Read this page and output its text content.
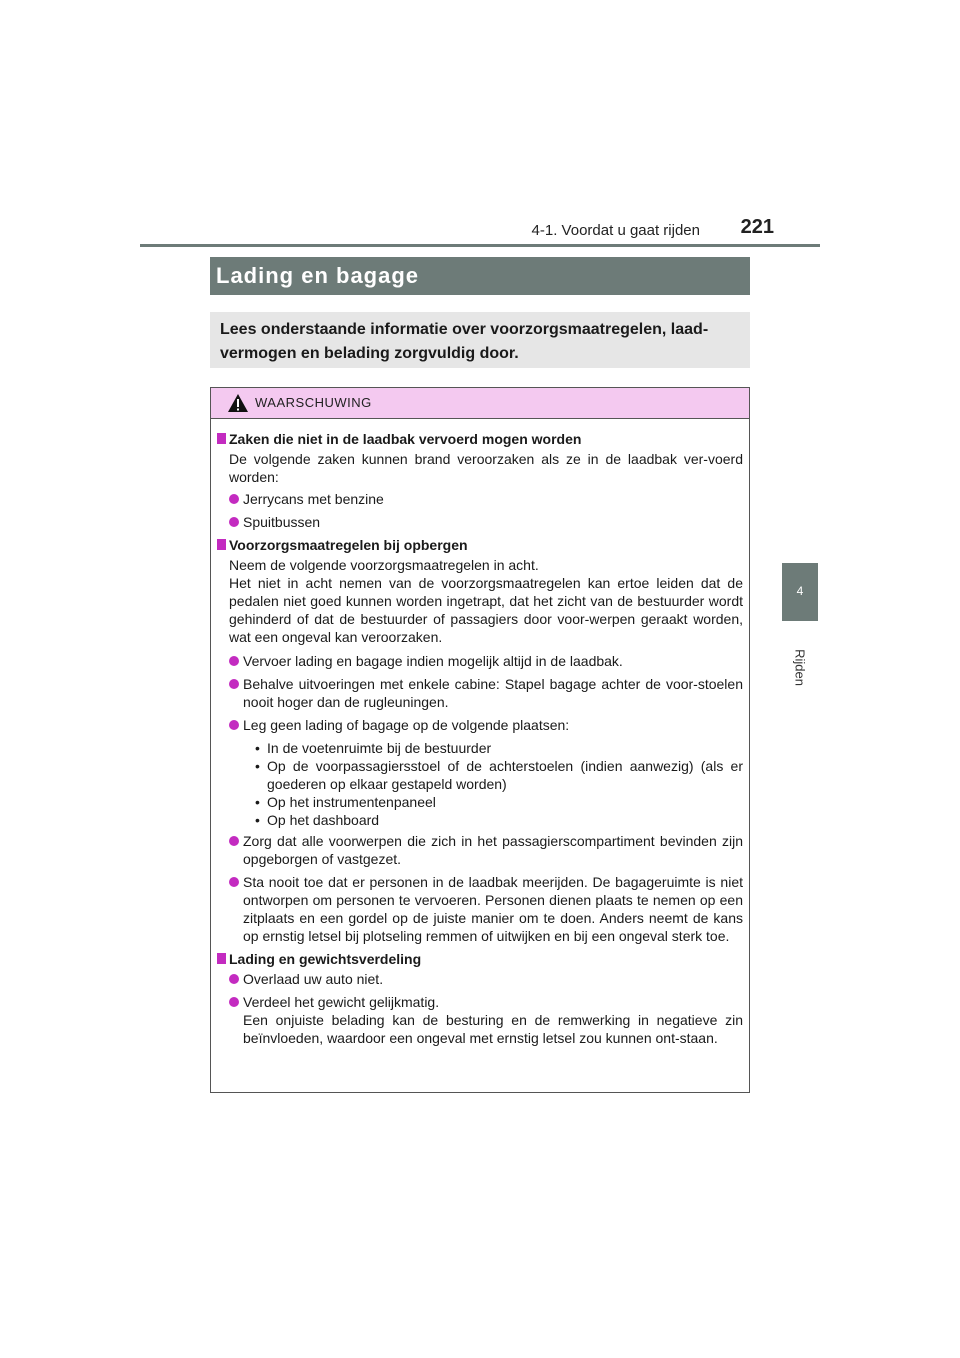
4-1. Voordat u gaat rijden 221
4
Rijden
Lading en bagage
Lees onderstaande informatie over voorzorgsmaatregelen, laad-vermogen en belading zorgvuldig door.
WAARSCHUWING
Zaken die niet in de laadbak vervoerd mogen worden
De volgende zaken kunnen brand veroorzaken als ze in de laadbak ver-voerd worden:
Jerrycans met benzine
Spuitbussen
Voorzorgsmaatregelen bij opbergen
Neem de volgende voorzorgsmaatregelen in acht.
Het niet in acht nemen van de voorzorgsmaatregelen kan ertoe leiden dat de pedalen niet goed kunnen worden ingetrapt, dat het zicht van de bestuurder wordt gehinderd of dat de bestuurder of passagiers door voor-werpen geraakt worden, wat een ongeval kan veroorzaken.
Vervoer lading en bagage indien mogelijk altijd in de laadbak.
Behalve uitvoeringen met enkele cabine: Stapel bagage achter de voor-stoelen nooit hoger dan de rugleuningen.
Leg geen lading of bagage op de volgende plaatsen:
• In de voetenruimte bij de bestuurder
• Op de voorpassagiersstoel of de achterstoelen (indien aanwezig) (als er goederen op elkaar gestapeld worden)
• Op het instrumentenpaneel
• Op het dashboard
Zorg dat alle voorwerpen die zich in het passagierscompartiment bevinden zijn opgeborgen of vastgezet.
Sta nooit toe dat er personen in de laadbak meerijden. De bagageruimte is niet ontworpen om personen te vervoeren. Personen dienen plaats te nemen op een zitplaats en een gordel op de juiste manier om te doen. Anders neemt de kans op ernstig letsel bij plotseling remmen of uitwijken en bij een ongeval sterk toe.
Lading en gewichtsverdeling
Overlaad uw auto niet.
Verdeel het gewicht gelijkmatig.
Een onjuiste belading kan de besturing en de remwerking in negatieve zin beïnvloeden, waardoor een ongeval met ernstig letsel zou kunnen ont-staan.
